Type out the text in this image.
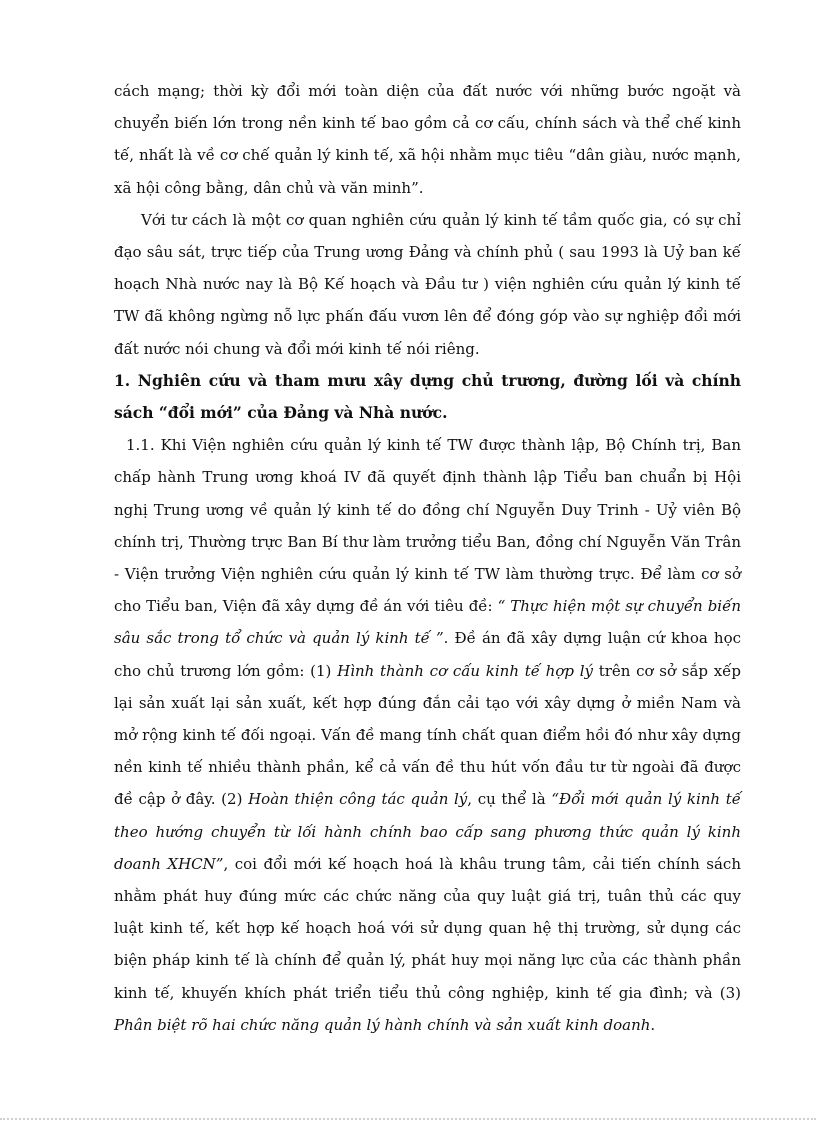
cách mạng; thời kỳ đổi mới toàn diện của đất nước với những bước ngoặt và chuyển biến lớn trong nền kinh tế bao gồm cả cơ cấu, chính sách và thể chế kinh tế, nhất là về cơ chế quản lý kinh tế, xã hội nhằm mục tiêu “dân giàu, nước mạnh, xã hội công bằng, dân chủ và văn minh”.

Với tư cách là một cơ quan nghiên cứu quản lý kinh tế tầm quốc gia, có sự chỉ đạo sâu sát, trực tiếp của Trung ương Đảng và chính phủ ( sau 1993 là Uỷ ban kế hoạch Nhà nước nay là Bộ Kế hoạch và Đầu tư ) viện nghiên cứu quản lý kinh tế TW đã không ngừng nỗ lực phấn đấu vươn lên để đóng góp vào sự nghiệp đổi mới đất nước nói chung và đổi mới kinh tế nói riêng.

1. Nghiên cứu và tham mưu xây dựng chủ trương, đường lối và chính sách “đổi mới” của Đảng và Nhà nước.

1.1. Khi Viện nghiên cứu quản lý kinh tế TW được thành lập, Bộ Chính trị, Ban chấp hành Trung ương khoá IV đã quyết định thành lập Tiểu ban chuẩn bị Hội nghị Trung ương về quản lý kinh tế do đồng chí Nguyễn Duy Trinh - Uỷ viên Bộ chính trị, Thường trực Ban Bí thư làm trưởng tiểu Ban, đồng chí Nguyễn Văn Trân - Viện trưởng Viện nghiên cứu quản lý kinh tế TW làm thường trực. Để làm cơ sở cho Tiểu ban, Viện đã xây dựng đề án với tiêu đề: “ Thực hiện một sự chuyển biến sâu sắc trong tổ chức và quản lý kinh tế ”. Đề án đã xây dựng luận cứ khoa học cho chủ trương lớn gồm: (1) Hình thành cơ cấu kinh tế hợp lý trên cơ sở sắp xếp lại sản xuất lại sản xuất, kết hợp đúng đắn cải tạo với xây dựng ở miền Nam và mở rộng kinh tế đối ngoại. Vấn đề mang tính chất quan điểm hồi đó như xây dựng nền kinh tế nhiều thành phần, kể cả vấn đề thu hút vốn đầu tư từ ngoài đã được đề cập ở đây. (2) Hoàn thiện công tác quản lý, cụ thể là “Đổi mới quản lý kinh tế theo hướng chuyển từ lối hành chính bao cấp sang phương thức quản lý kinh doanh XHCN”, coi đổi mới kế hoạch hoá là khâu trung tâm, cải tiến chính sách nhằm phát huy đúng mức các chức năng của quy luật giá trị, tuân thủ các quy luật kinh tế, kết hợp kế hoạch hoá với sử dụng quan hệ thị trường, sử dụng các biện pháp kinh tế là chính để quản lý, phát huy mọi năng lực của các thành phần kinh tế, khuyến khích phát triển tiểu thủ công nghiệp, kinh tế gia đình; và (3) Phân biệt rõ hai chức năng quản lý hành chính và sản xuất kinh doanh.
